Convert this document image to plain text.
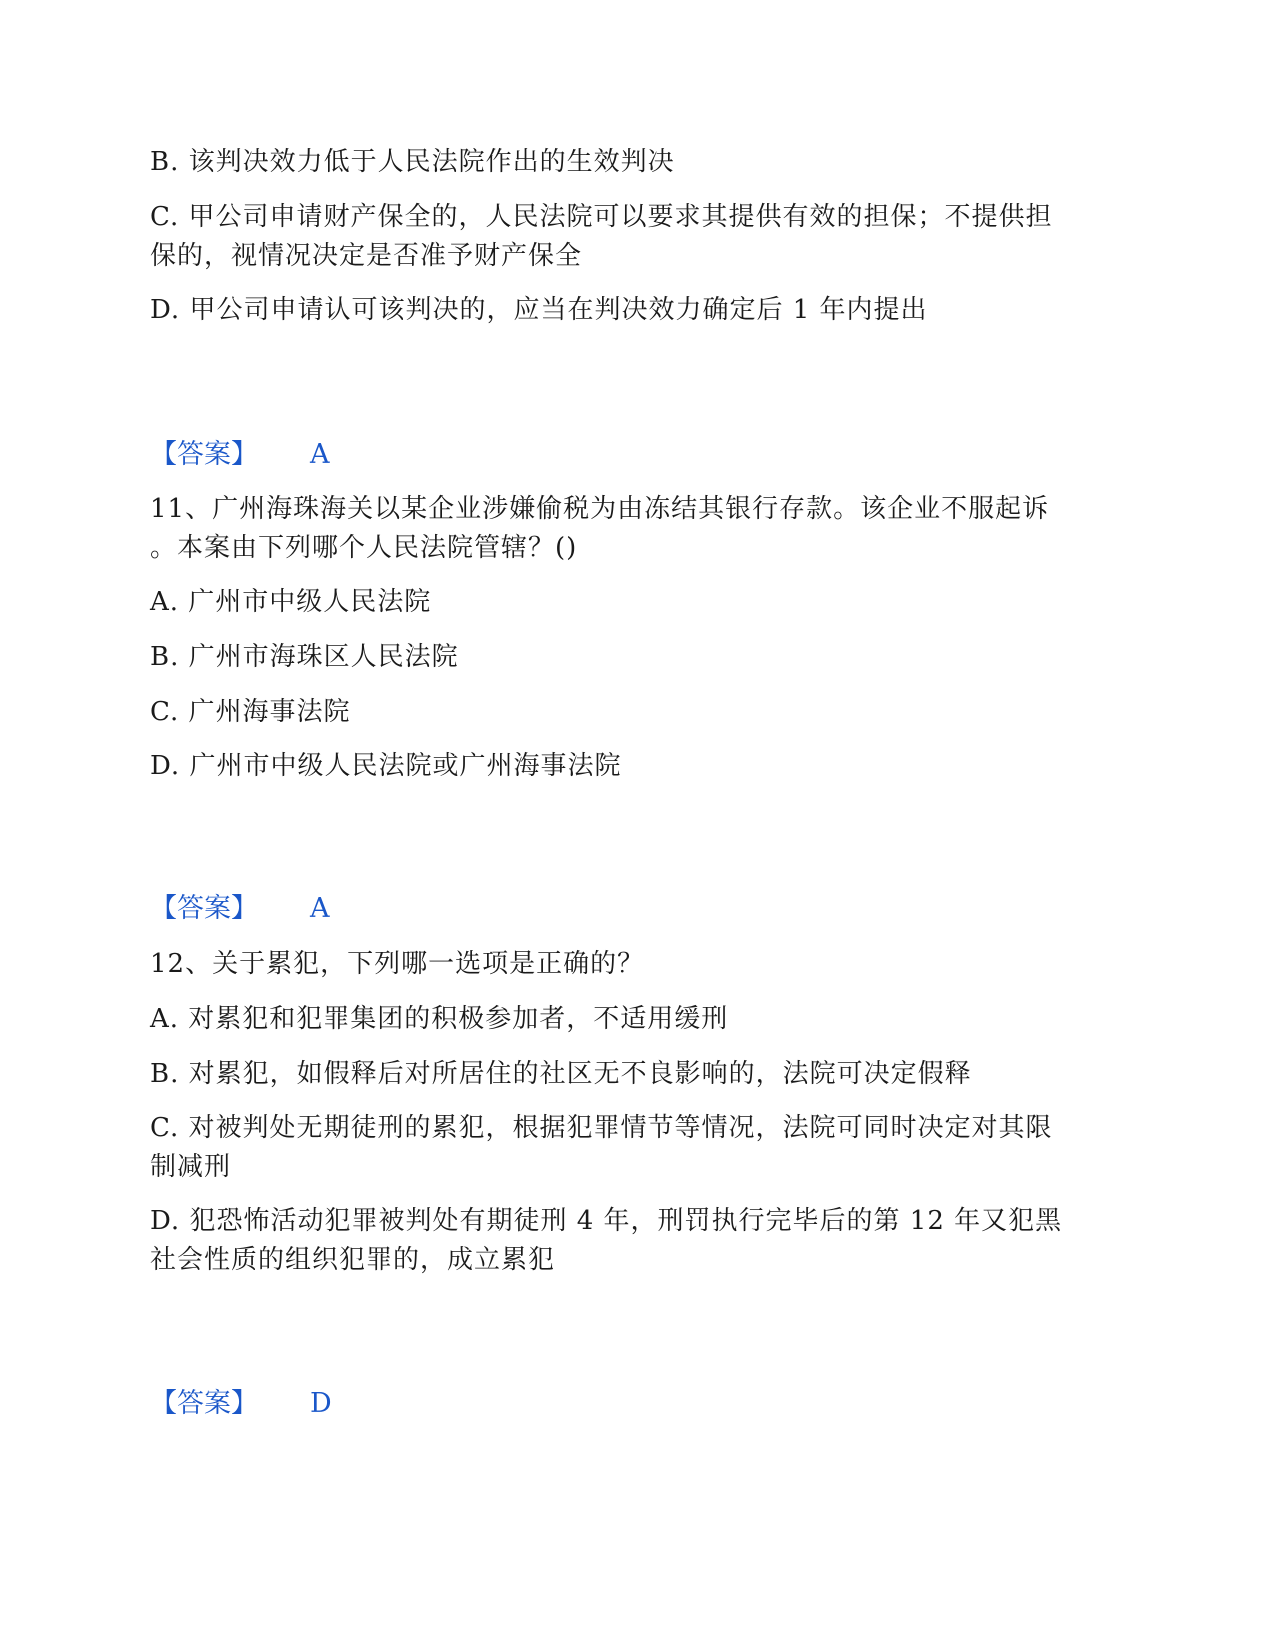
B. 该判决效力低于人民法院作出的生效判决
C. 甲公司申请财产保全的，人民法院可以要求其提供有效的担保；不提供担
保的，视情况决定是否准予财产保全
D. 甲公司申请认可该判决的，应当在判决效力确定后 1 年内提出
【答案】 A
11、广州海珠海关以某企业涉嫌偷税为由冻结其银行存款。该企业不服起诉
。本案由下列哪个人民法院管辖？()
A. 广州市中级人民法院
B. 广州市海珠区人民法院
C. 广州海事法院
D. 广州市中级人民法院或广州海事法院
【答案】 A
12、关于累犯，下列哪一选项是正确的？
A. 对累犯和犯罪集团的积极参加者，不适用缓刑
B. 对累犯，如假释后对所居住的社区无不良影响的，法院可决定假释
C. 对被判处无期徒刑的累犯，根据犯罪情节等情况，法院可同时决定对其限
制减刑
D. 犯恐怖活动犯罪被判处有期徒刑 4 年，刑罚执行完毕后的第 12 年又犯黑
社会性质的组织犯罪的，成立累犯
【答案】 D
